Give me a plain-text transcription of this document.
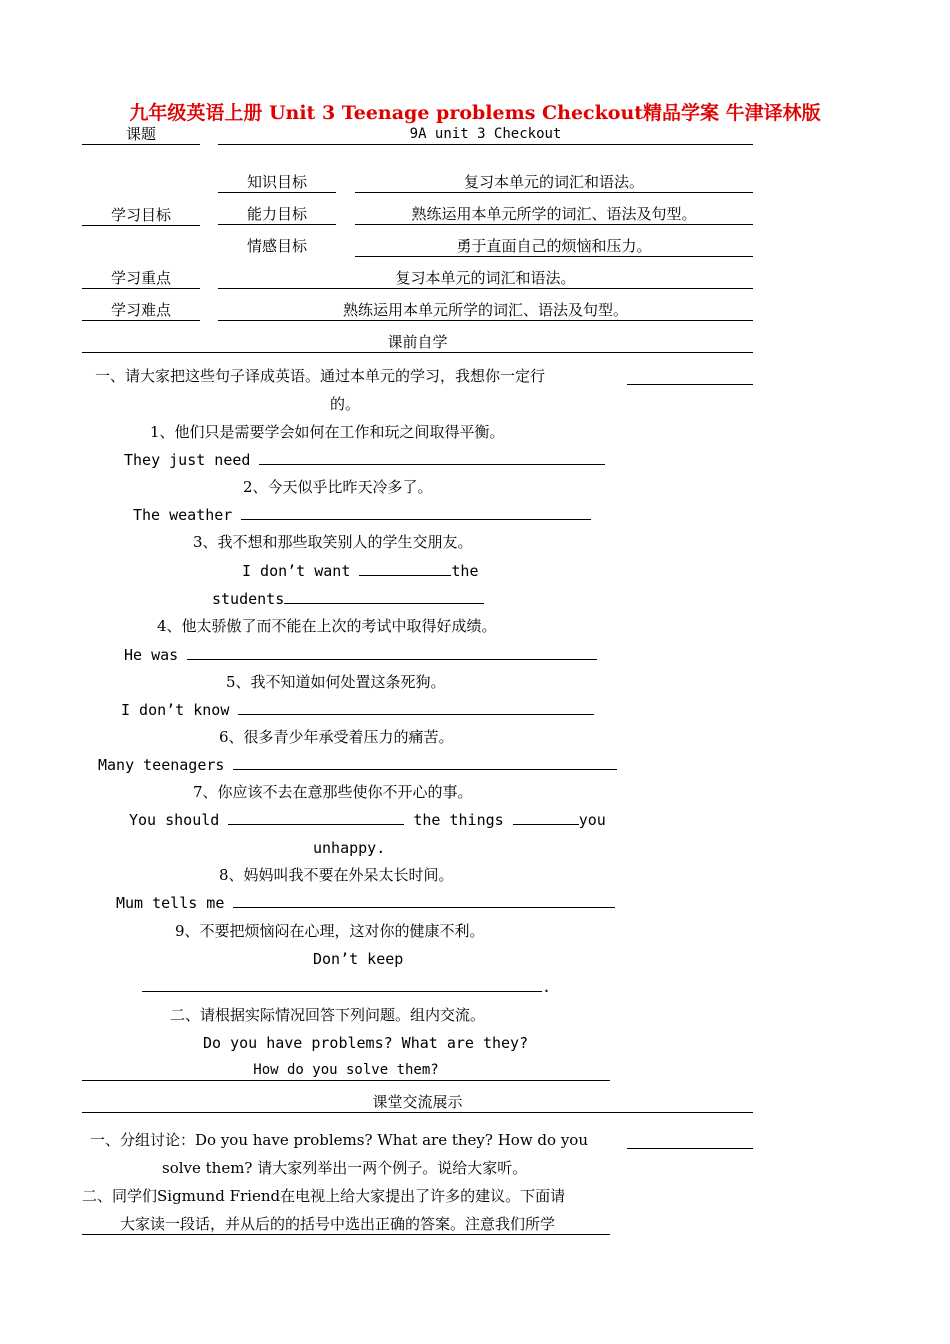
九年级英语上册 Unit 3 Teenage problems Checkout精品学案 牛津译林版
课题	9A unit 3 Checkout
学习目标
知识目标	复习本单元的词汇和语法。
能力目标	熟练运用本单元所学的词汇、语法及句型。
情感目标	勇于直面自己的烦恼和压力。
学习重点	复习本单元的词汇和语法。
学习难点	熟练运用本单元所学的词汇、语法及句型。
课前自学
一、请大家把这些句子译成英语。通过本单元的学习，我想你一定行
的。
1、他们只是需要学会如何在工作和玩之间取得平衡。
They just need
2、今天似乎比昨天冷多了。
The weather
3、我不想和那些取笑别人的学生交朋友。
I don’t want	the
students
4、他太骄傲了而不能在上次的考试中取得好成绩。
He was
5、我不知道如何处置这条死狗。
I don’t know
6、很多青少年承受着压力的痛苦。
Many teenagers
7、你应该不去在意那些使你不开心的事。
You should	the things	you
unhappy.
8、妈妈叫我不要在外呆太长时间。
Mum tells me
9、不要把烦恼闷在心理，这对你的健康不利。
Don’t keep
.
二、请根据实际情况回答下列问题。组内交流。
Do you have problems? What are they?
How do you solve them?
课堂交流展示
一、分组讨论：Do you have problems? What are they? How do you
solve them? 请大家列举出一两个例子。说给大家听。
二、同学们Sigmund Friend在电视上给大家提出了许多的建议。下面请
大家读一段话，并从后的的括号中选出正确的答案。注意我们所学
